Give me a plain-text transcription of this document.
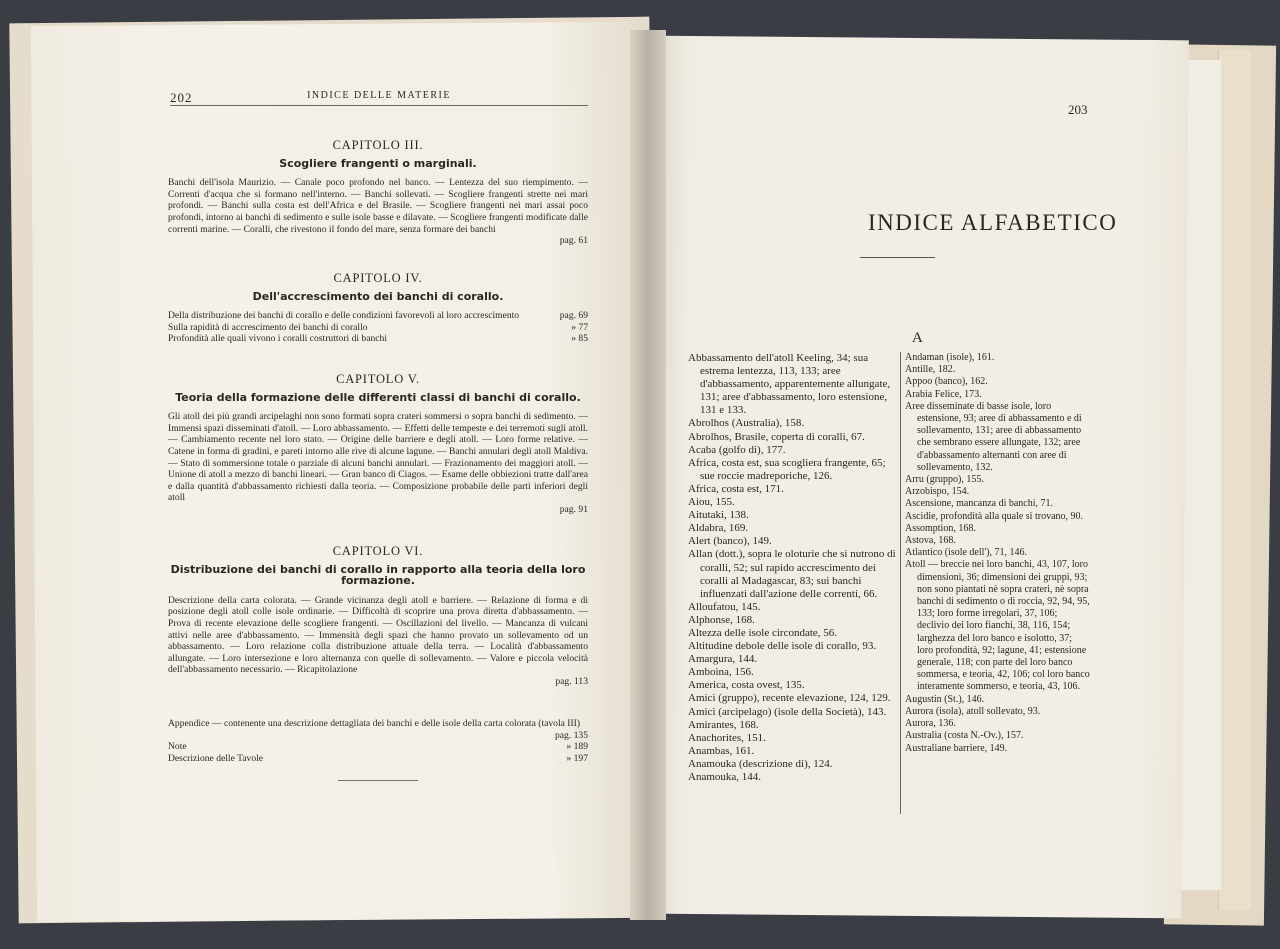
202	INDICE DELLE MATERIE

CAPITOLO III.

Scogliere frangenti o marginali.

Banchi dell'isola Maurizio. — Canale poco profondo nel banco. — Lentezza del suo riempimento. — Correnti d'acqua che si formano nell'interno. — Banchi sollevati. — Scogliere frangenti strette nei mari profondi. — Banchi sulla costa est dell'Africa e del Brasile. — Scogliere frangenti nei mari assai poco profondi, intorno ai banchi di sedimento e sulle isole basse e dilavate. — Scogliere frangenti modificate dalle correnti marine. — Coralli, che rivestono il fondo del mare, senza formare dei banchi

pag. 61

CAPITOLO IV.

Dell'accrescimento dei banchi di corallo.

Della distribuzione dei banchi di corallo e delle condizioni favorevoli al loro accrescimento	pag. 69

Sulla rapidità di accrescimento dei banchi di corallo	» 77

Profondità alle quali vivono i coralli costruttori di banchi	» 85

CAPITOLO V.

Teoria della formazione delle differenti classi di banchi di corallo.

Gli atoll dei più grandi arcipelaghi non sono formati sopra crateri sommersi o sopra banchi di sedimento. — Immensi spazi disseminati d'atoll. — Loro abbassamento. — Effetti delle tempeste e dei terremoti sugli atoll. — Cambiamento recente nel loro stato. — Origine delle barriere e degli atoll. — Loro forme relative. — Catene in forma di gradini, e pareti intorno alle rive di alcune lagune. — Banchi annulari degli atoll Maldiva. — Stato di sommersione totale o parziale di alcuni banchi annulari. — Frazionamento dei maggiori atoll. — Unione di atoll a mezzo di banchi lineari. — Gran banco di Ciagos. — Esame delle obbiezioni tratte dall'area e dalla quantità d'abbassamento richiesti dalla teoria. — Composizione probabile delle parti inferiori degli atoll

pag. 91

CAPITOLO VI.

Distribuzione dei banchi di corallo in rapporto alla teoria della loro formazione.

Descrizione della carta colorata. — Grande vicinanza degli atoll e barriere. — Relazione di forma e di posizione degli atoll colle isole ordinarie. — Difficoltà di scoprire una prova diretta d'abbassamento. — Prova di recente elevazione delle scogliere frangenti. — Oscillazioni del livello. — Mancanza di vulcani attivi nelle aree d'abbassamento. — Immensità degli spazi che hanno provato un sollevamento od un abbassamento. — Loro relazione colla distribuzione attuale della terra. — Località d'abbassamento allungate. — Loro intersezione e loro alternanza con quelle di sollevamento. — Valore e piccola velocità dell'abbassamento necessario. — Ricapitolazione

pag. 113

Appendice — contenente una descrizione dettagliata dei banchi e delle isole della carta colorata (tavola III)

pag. 135

Note	» 189

Descrizione delle Tavole	» 197

203
INDICE ALFABETICO
A

Abbassamento dell'atoll Keeling, 34; sua estrema lentezza, 113, 133; aree d'abbassamento, apparentemente allungate, 131; aree d'abbassamento, loro estensione, 131 e 133.

Abrolhos (Australia), 158.

Abrolhos, Brasile, coperta di coralli, 67.

Acaba (golfo di), 177.

Africa, costa est, sua scogliera frangente, 65; sue roccie madreporiche, 126.

Africa, costa est, 171.

Aiou, 155.

Aitutaki, 138.

Aldabra, 169.

Alert (banco), 149.

Allan (dott.), sopra le oloturie che si nutrono di coralli, 52; sul rapido accrescimento dei coralli al Madagascar, 83; sui banchi influenzati dall'azione delle correnti, 66.

Alloufatou, 145.

Alphonse, 168.

Altezza delle isole circondate, 56.

Altitudine debole delle isole di corallo, 93.

Amargura, 144.

Amboina, 156.

America, costa ovest, 135.

Amici (gruppo), recente elevazione, 124, 129.

Amici (arcipelago) (isole della Società), 143.

Amirantes, 168.

Anachorites, 151.

Anambas, 161.

Anamouka (descrizione di), 124.

Anamouka, 144.

Andaman (isole), 161.

Antille, 182.

Appoo (banco), 162.

Arabia Felice, 173.

Aree disseminate di basse isole, loro estensione, 93; aree di abbassamento e di sollevamento, 131; aree di abbassamento che sembrano essere allungate, 132; aree d'abbassamento alternanti con aree di sollevamento, 132.

Arru (gruppo), 155.

Arzobispo, 154.

Ascensione, mancanza di banchi, 71.

Ascidie, profondità alla quale si trovano, 90.

Assomption, 168.

Astova, 168.

Atlantico (isole dell'), 71, 146.

Atoll — breccie nei loro banchi, 43, 107, loro dimensioni, 36; dimensioni dei gruppi, 93; non sono piantati nè sopra crateri, nè sopra banchi di sedimento o di roccia, 92, 94, 95, 133; loro forme irregolari, 37, 106; declivio dei loro fianchi, 38, 116, 154; larghezza del loro banco e isolotto, 37; loro profondità, 92; lagune, 41; estensione generale, 118; con parte del loro banco sommersa, e teoria, 42, 106; col loro banco interamente sommerso, e teoria, 43, 106.

Augustin (St.), 146.

Aurora (isola), atoll sollevato, 93.

Aurora, 136.

Australia (costa N.-Ov.), 157.

Australiane barriere, 149.
